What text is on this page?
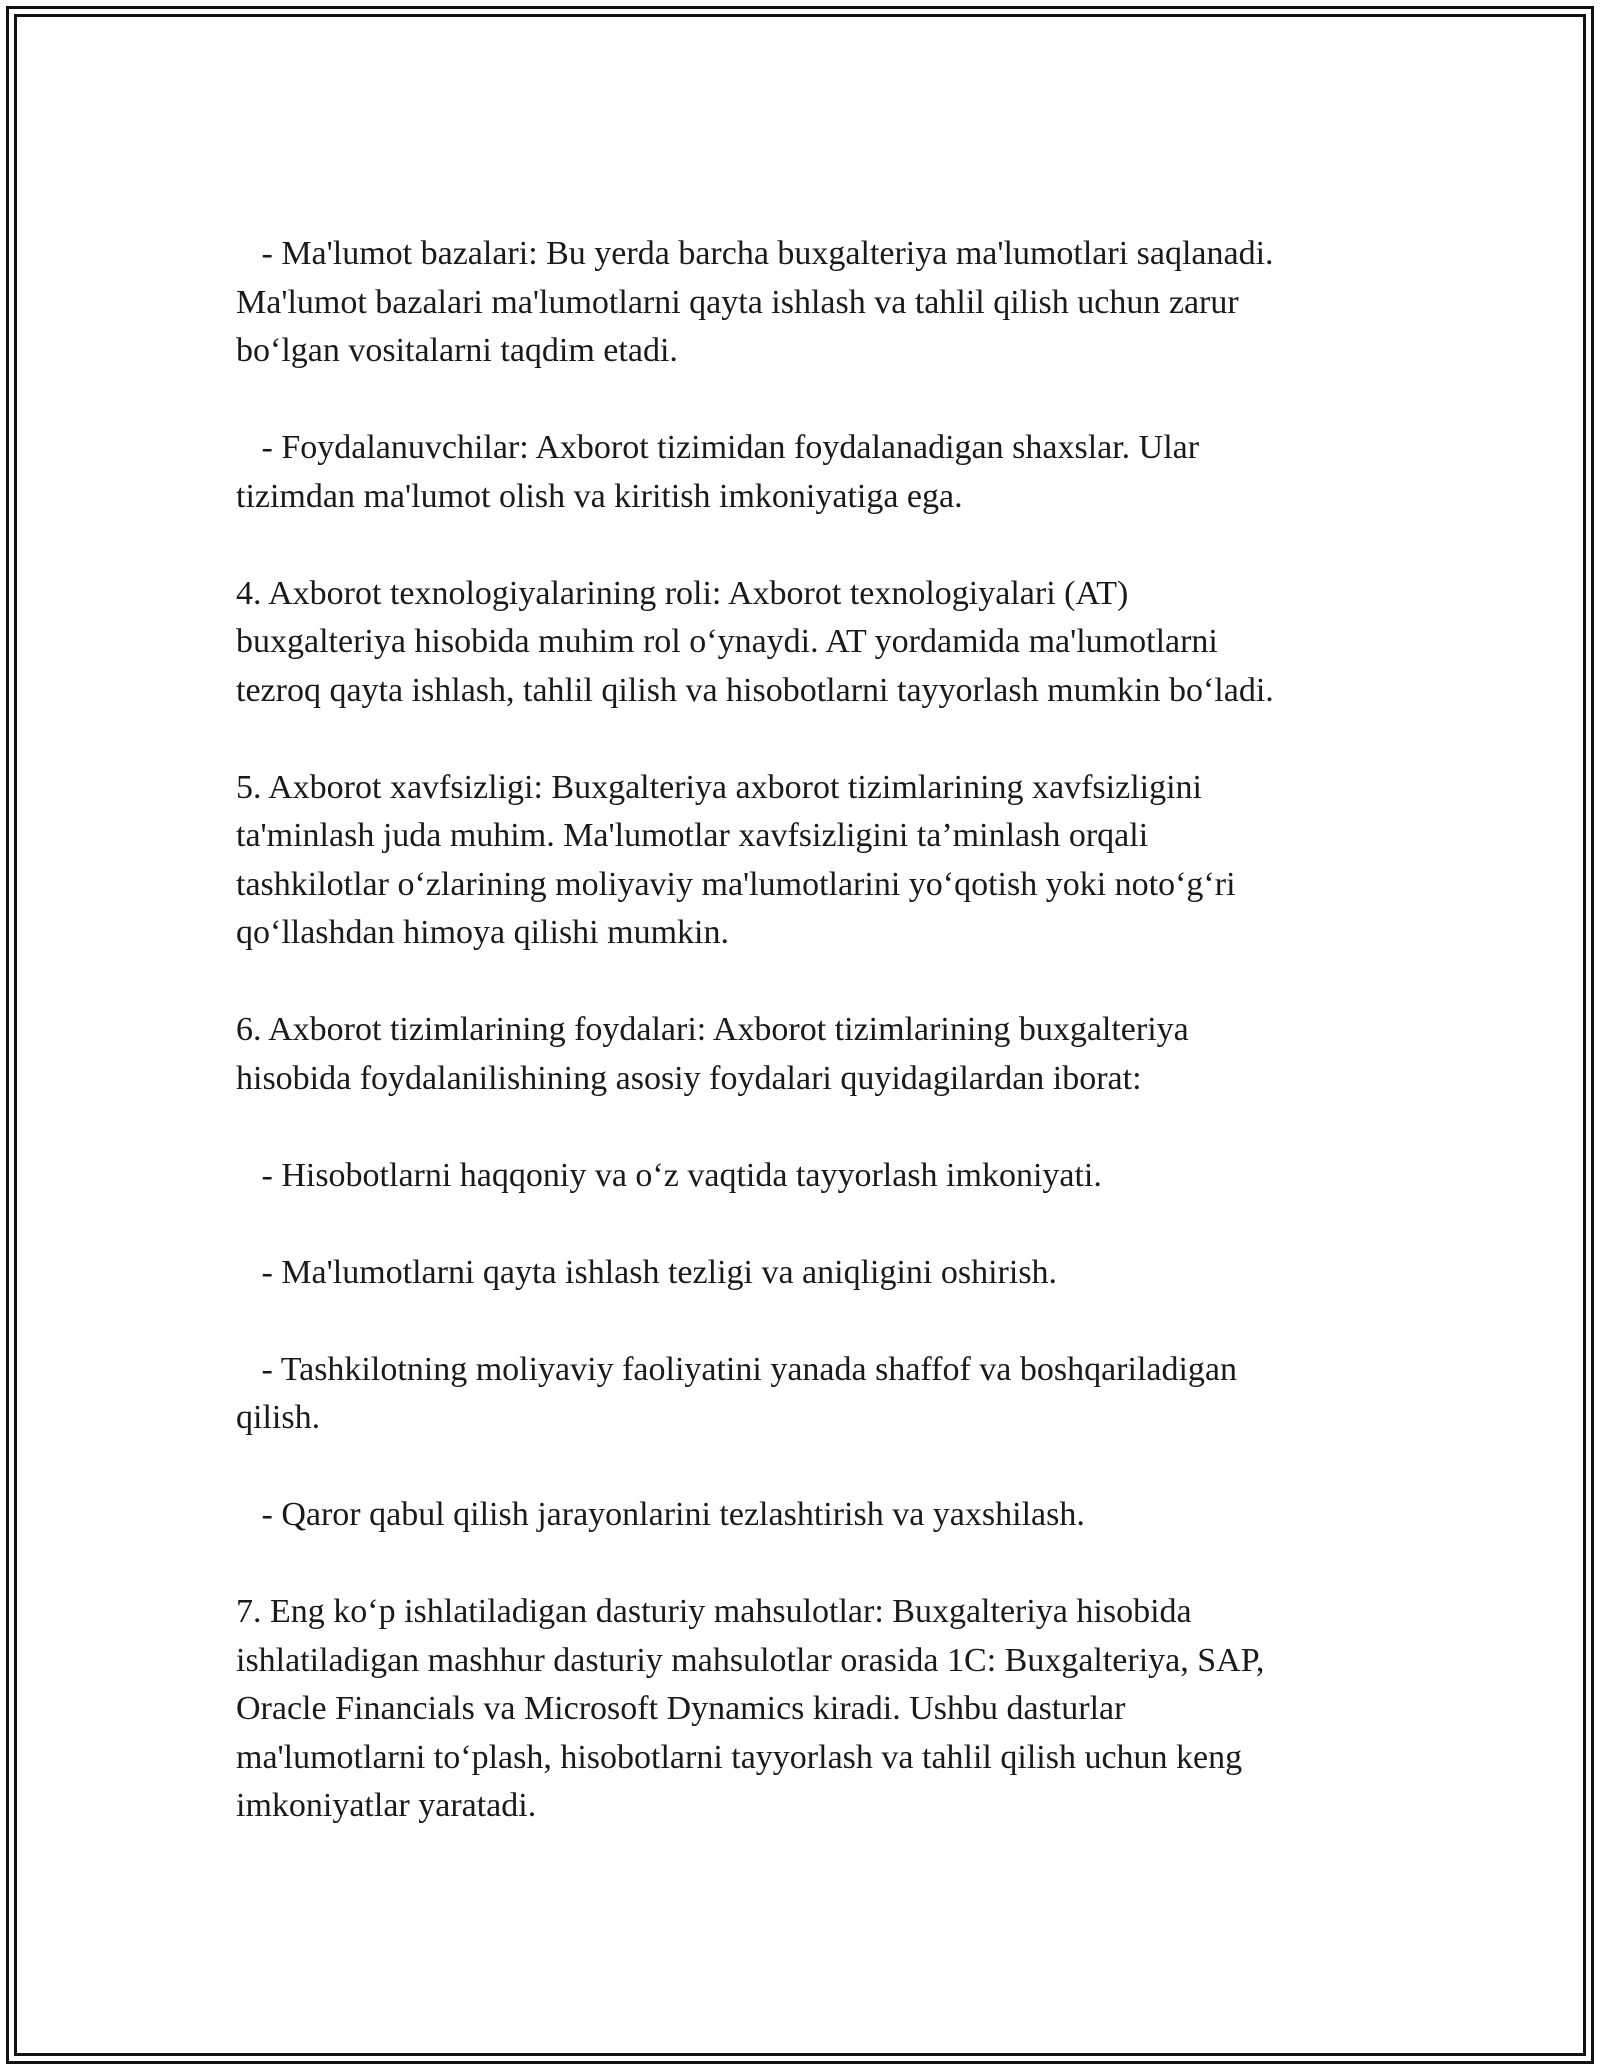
- Ma'lumot bazalari: Bu yerda barcha buxgalteriya ma'lumotlari saqlanadi.
Ma'lumot bazalari ma'lumotlarni qayta ishlash va tahlil qilish uchun zarur
bo‘lgan vositalarni taqdim etadi.

- Foydalanuvchilar: Axborot tizimidan foydalanadigan shaxslar. Ular
tizimdan ma'lumot olish va kiritish imkoniyatiga ega.

4. Axborot texnologiyalarining roli: Axborot texnologiyalari (AT)
buxgalteriya hisobida muhim rol o‘ynaydi. AT yordamida ma'lumotlarni
tezroq qayta ishlash, tahlil qilish va hisobotlarni tayyorlash mumkin bo‘ladi.

5. Axborot xavfsizligi: Buxgalteriya axborot tizimlarining xavfsizligini
ta'minlash juda muhim. Ma'lumotlar xavfsizligini ta’minlash orqali
tashkilotlar o‘zlarining moliyaviy ma'lumotlarini yo‘qotish yoki noto‘g‘ri
qo‘llashdan himoya qilishi mumkin.

6. Axborot tizimlarining foydalari: Axborot tizimlarining buxgalteriya
hisobida foydalanilishining asosiy foydalari quyidagilardan iborat:

- Hisobotlarni haqqoniy va o‘z vaqtida tayyorlash imkoniyati.

- Ma'lumotlarni qayta ishlash tezligi va aniqligini oshirish.

- Tashkilotning moliyaviy faoliyatini yanada shaffof va boshqariladigan
qilish.

- Qaror qabul qilish jarayonlarini tezlashtirish va yaxshilash.

7. Eng ko‘p ishlatiladigan dasturiy mahsulotlar: Buxgalteriya hisobida
ishlatiladigan mashhur dasturiy mahsulotlar orasida 1C: Buxgalteriya, SAP,
Oracle Financials va Microsoft Dynamics kiradi. Ushbu dasturlar
ma'lumotlarni to‘plash, hisobotlarni tayyorlash va tahlil qilish uchun keng
imkoniyatlar yaratadi.
